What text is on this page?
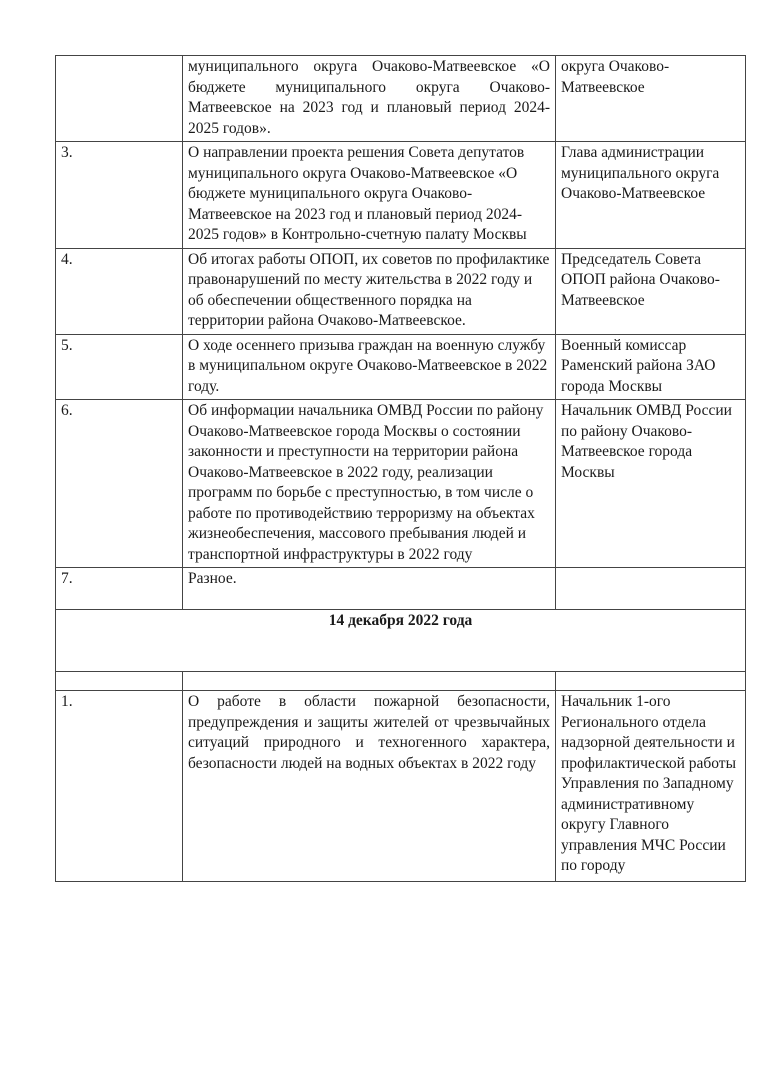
	муниципального округа Очаково-Матвеевское «О бюджете муниципального округа Очаково-Матвеевское на 2023 год и плановый период 2024-2025 годов».	округа Очаково-Матвеевское
3.	О направлении проекта решения Совета депутатов муниципального округа Очаково-Матвеевское «О бюджете муниципального округа Очаково-Матвеевское на 2023 год и плановый период 2024-2025 годов» в Контрольно-счетную палату Москвы	Глава администрации муниципального округа Очаково-Матвеевское
4.	Об итогах работы ОПОП, их советов по профилактике правонарушений по месту жительства в 2022 году и об обеспечении общественного порядка на территории района Очаково-Матвеевское.	Председатель Совета ОПОП района Очаково-Матвеевское
5.	О ходе осеннего призыва граждан на военную службу в муниципальном округе Очаково-Матвеевское в 2022 году.	Военный комиссар Раменский района ЗАО города Москвы
6.	Об информации начальника ОМВД России по району Очаково-Матвеевское города Москвы о состоянии законности и преступности на территории района Очаково-Матвеевское в 2022 году, реализации программ по борьбе с преступностью, в том числе о работе по противодействию терроризму на объектах жизнеобеспечения, массового пребывания людей и транспортной инфраструктуры в 2022 году	Начальник ОМВД России по району Очаково-Матвеевское города Москвы
7.	Разное.	
14 декабря 2022 года		

1.	О работе в области пожарной безопасности, предупреждения и защиты жителей от чрезвычайных ситуаций природного и техногенного характера, безопасности людей на водных объектах в 2022 году	Начальник 1-ого Регионального отдела надзорной деятельности и профилактической работы Управления по Западному административному округу Главного управления МЧС России по городу
